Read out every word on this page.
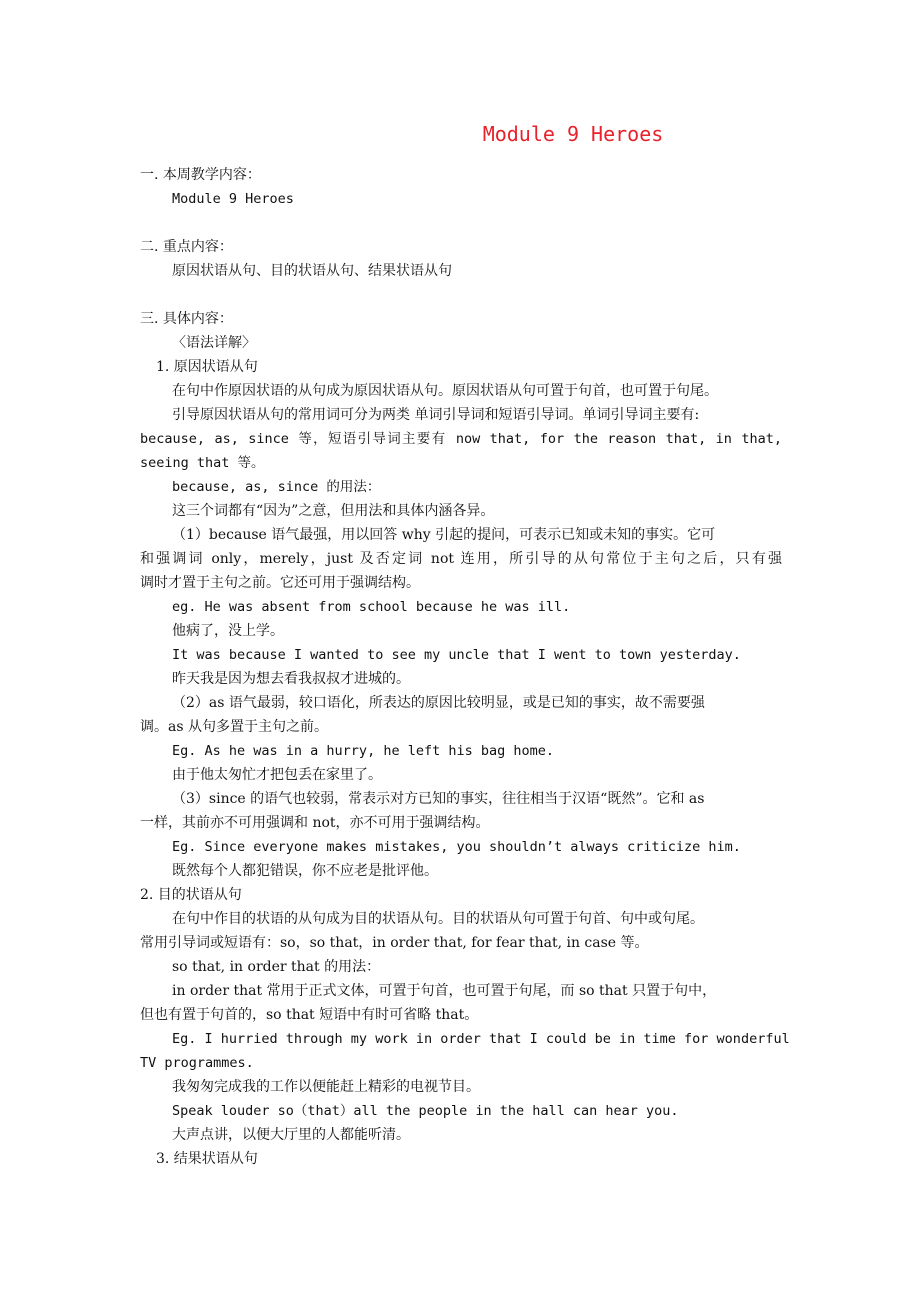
Module 9 Heroes
一. 本周教学内容：
Module 9 Heroes
二. 重点内容：
原因状语从句、目的状语从句、结果状语从句
三. 具体内容：
〈语法详解〉
1. 原因状语从句
在句中作原因状语的从句成为原因状语从句。原因状语从句可置于句首，也可置于句尾。
引导原因状语从句的常用词可分为两类 单词引导词和短语引导词。单词引导词主要有:
because, as, since 等，短语引导词主要有 now that, for the reason that, in that,
seeing that 等。
because, as, since 的用法：
这三个词都有“因为”之意，但用法和具体内涵各异。
（1）because 语气最强，用以回答 why 引起的提问，可表示已知或未知的事实。它可
和强调词 only，merely，just 及否定词 not 连用，所引导的从句常位于主句之后，只有强
调时才置于主句之前。它还可用于强调结构。
eg. He was absent from school because he was ill.
他病了，没上学。
It was because I wanted to see my uncle that I went to town yesterday.
昨天我是因为想去看我叔叔才进城的。
（2）as 语气最弱，较口语化，所表达的原因比较明显，或是已知的事实，故不需要强
调。as 从句多置于主句之前。
Eg. As he was in a hurry, he left his bag home.
由于他太匆忙才把包丢在家里了。
（3）since 的语气也较弱，常表示对方已知的事实，往往相当于汉语“既然”。它和 as
一样，其前亦不可用强调和 not，亦不可用于强调结构。
Eg. Since everyone makes mistakes, you shouldn’t always criticize him.
既然每个人都犯错误，你不应老是批评他。
2. 目的状语从句
在句中作目的状语的从句成为目的状语从句。目的状语从句可置于句首、句中或句尾。
常用引导词或短语有：so，so that，in order that, for fear that, in case 等。
so that, in order that 的用法：
in order that 常用于正式文体，可置于句首，也可置于句尾，而 so that 只置于句中，
但也有置于句首的，so that 短语中有时可省略 that。
Eg. I hurried through my work in order that I could be in time for wonderful
TV programmes.
我匆匆完成我的工作以便能赶上精彩的电视节目。
Speak louder so（that）all the people in the hall can hear you.
大声点讲，以便大厅里的人都能听清。
3. 结果状语从句
